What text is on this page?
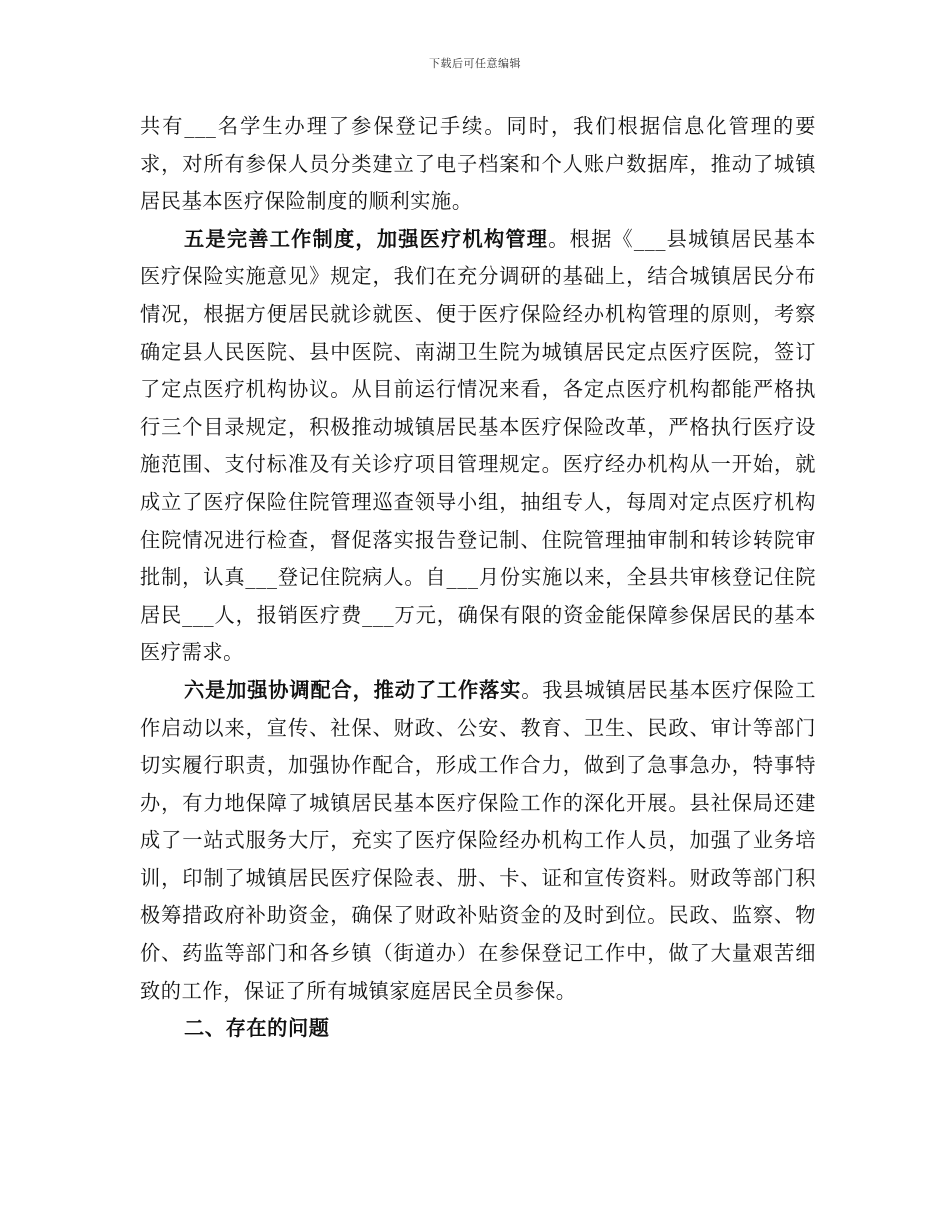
下载后可任意编辑

共有___名学生办理了参保登记手续。同时，我们根据信息化管理的要求，对所有参保人员分类建立了电子档案和个人账户数据库，推动了城镇居民基本医疗保险制度的顺利实施。

五是完善工作制度，加强医疗机构管理。根据《___县城镇居民基本医疗保险实施意见》规定，我们在充分调研的基础上，结合城镇居民分布情况，根据方便居民就诊就医、便于医疗保险经办机构管理的原则，考察确定县人民医院、县中医院、南湖卫生院为城镇居民定点医疗医院，签订了定点医疗机构协议。从目前运行情况来看，各定点医疗机构都能严格执行三个目录规定，积极推动城镇居民基本医疗保险改革，严格执行医疗设施范围、支付标准及有关诊疗项目管理规定。医疗经办机构从一开始，就成立了医疗保险住院管理巡查领导小组，抽组专人，每周对定点医疗机构住院情况进行检查，督促落实报告登记制、住院管理抽审制和转诊转院审批制，认真___登记住院病人。自___月份实施以来，全县共审核登记住院居民___人，报销医疗费___万元，确保有限的资金能保障参保居民的基本医疗需求。

六是加强协调配合，推动了工作落实。我县城镇居民基本医疗保险工作启动以来，宣传、社保、财政、公安、教育、卫生、民政、审计等部门切实履行职责，加强协作配合，形成工作合力，做到了急事急办，特事特办，有力地保障了城镇居民基本医疗保险工作的深化开展。县社保局还建成了一站式服务大厅，充实了医疗保险经办机构工作人员，加强了业务培训，印制了城镇居民医疗保险表、册、卡、证和宣传资料。财政等部门积极筹措政府补助资金，确保了财政补贴资金的及时到位。民政、监察、物价、药监等部门和各乡镇（街道办）在参保登记工作中，做了大量艰苦细致的工作，保证了所有城镇家庭居民全员参保。

二、存在的问题
